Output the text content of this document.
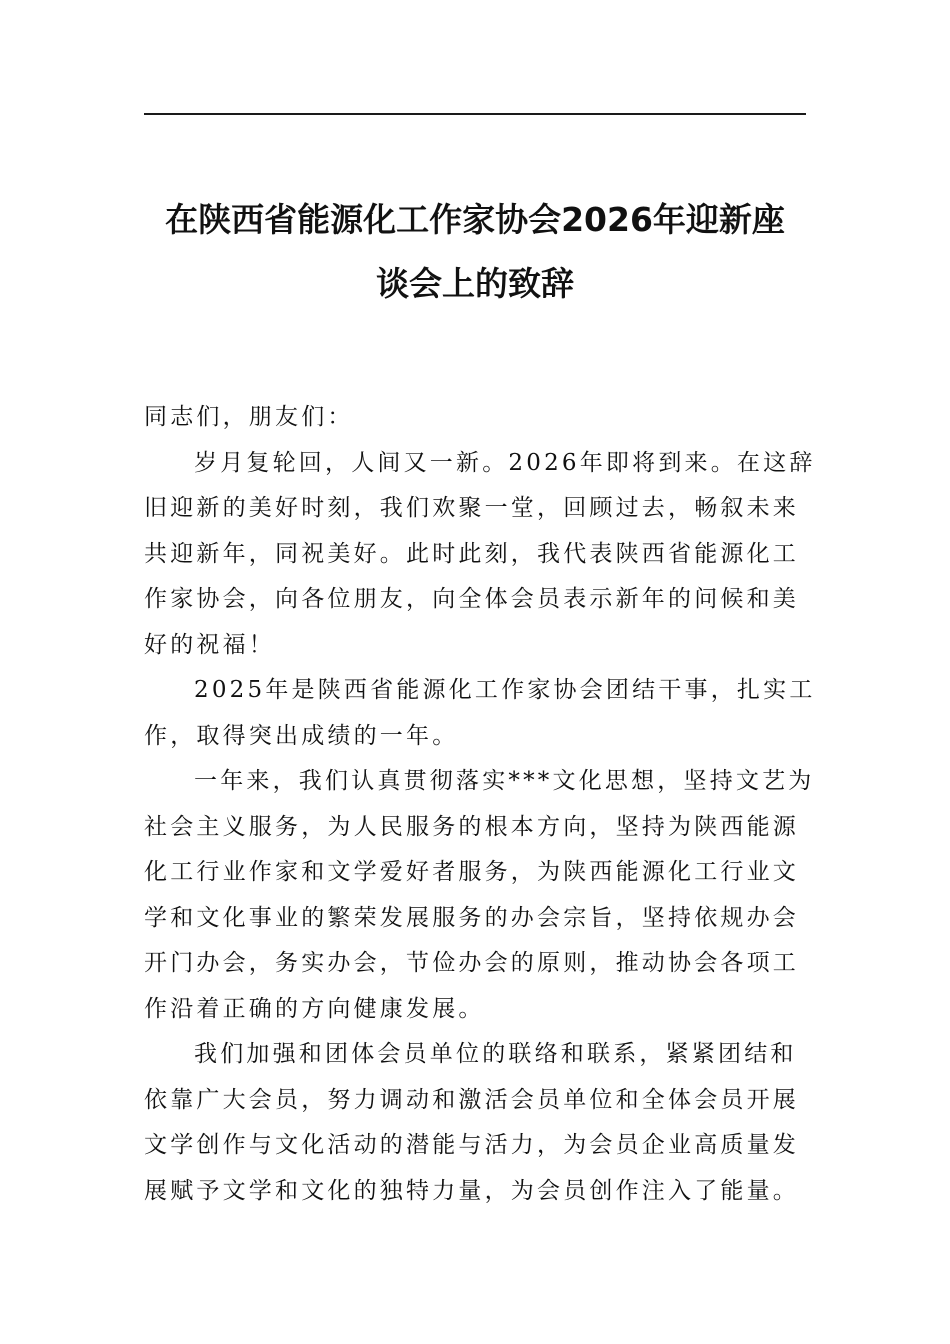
在陕西省能源化工作家协会2026年迎新座
谈会上的致辞
同志们，朋友们：
岁月复轮回，人间又一新。2026年即将到来。在这辞
旧迎新的美好时刻，我们欢聚一堂，回顾过去，畅叙未来
共迎新年，同祝美好。此时此刻，我代表陕西省能源化工
作家协会，向各位朋友，向全体会员表示新年的问候和美
好的祝福！
2025年是陕西省能源化工作家协会团结干事，扎实工
作，取得突出成绩的一年。
一年来，我们认真贯彻落实***文化思想，坚持文艺为
社会主义服务，为人民服务的根本方向，坚持为陕西能源
化工行业作家和文学爱好者服务，为陕西能源化工行业文
学和文化事业的繁荣发展服务的办会宗旨，坚持依规办会
开门办会，务实办会，节俭办会的原则，推动协会各项工
作沿着正确的方向健康发展。
我们加强和团体会员单位的联络和联系，紧紧团结和
依靠广大会员，努力调动和激活会员单位和全体会员开展
文学创作与文化活动的潜能与活力，为会员企业高质量发
展赋予文学和文化的独特力量，为会员创作注入了能量。
